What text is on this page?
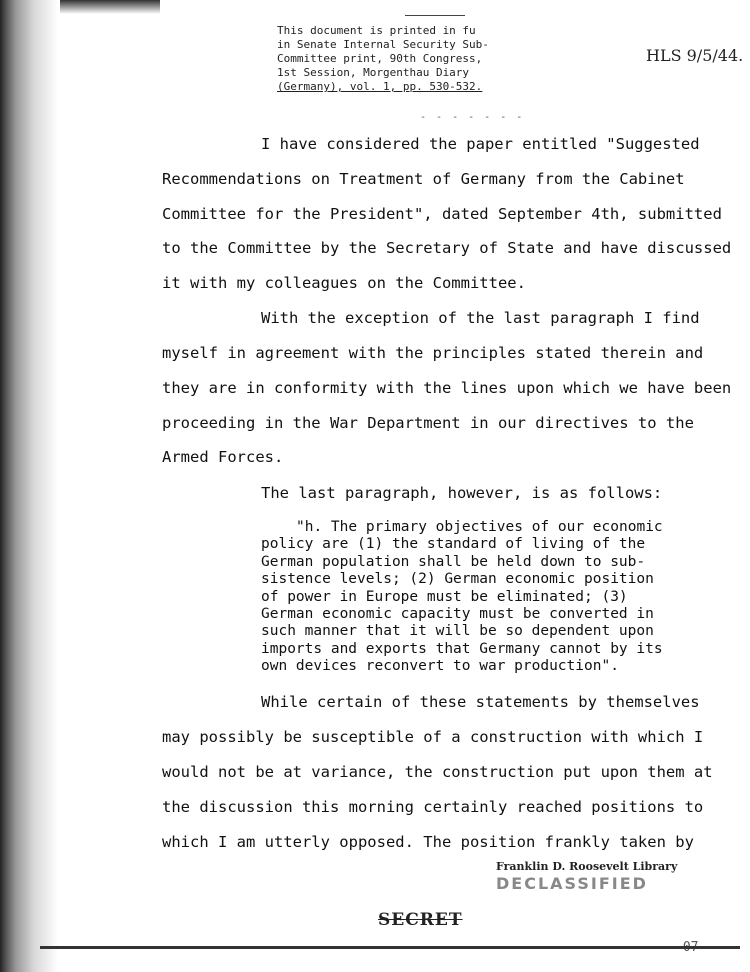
This document is printed in fu
in Senate Internal Security Sub-
Committee print, 90th Congress,
1st Session, Morgenthau Diary
(Germany), vol. 1, pp. 530-532.
HLS 9/5/44.
- - - - - - -
I have considered the paper entitled "Suggested
Recommendations on Treatment of Germany from the Cabinet
Committee for the President", dated September 4th, submitted
to the Committee by the Secretary of State and have discussed
it with my colleagues on the Committee.
With the exception of the last paragraph I find
myself in agreement with the principles stated therein and
they are in conformity with the lines upon which we have been
proceeding in the War Department in our directives to the
Armed Forces.
The last paragraph, however, is as follows:
"h. The primary objectives of our economic
policy are (1) the standard of living of the
German population shall be held down to sub-
sistence levels; (2) German economic position
of power in Europe must be eliminated; (3)
German economic capacity must be converted in
such manner that it will be so dependent upon
imports and exports that Germany cannot by its
own devices reconvert to war production".
While certain of these statements by themselves
may possibly be susceptible of a construction with which I
would not be at variance, the construction put upon them at
the discussion this morning certainly reached positions to
which I am utterly opposed. The position frankly taken by
Franklin D. Roosevelt Library
DECLASSIFIED
SECRET
